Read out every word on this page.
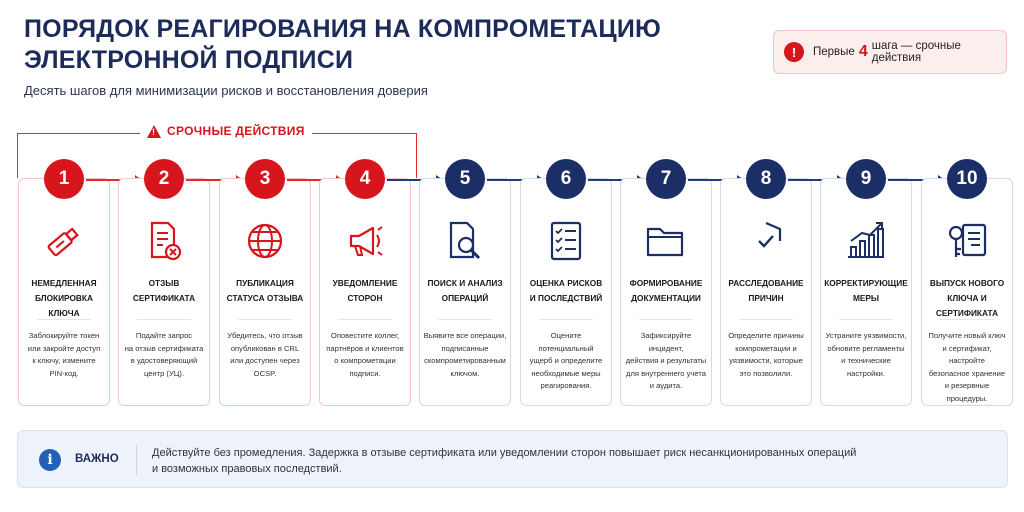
ПОРЯДОК РЕАГИРОВАНИЯ НА КОМПРОМЕТАЦИЮ
ЭЛЕКТРОННОЙ ПОДПИСИ
Десять шагов для минимизации рисков и восстановления доверия
!	Первые 4 шага — срочные действия
!
СРОЧНЫЕ ДЕЙСТВИЯ
НЕМЕДЛЕННАЯ
БЛОКИРОВКА КЛЮЧА
Заблокируйте токен
или закройте доступ
к ключу, измените
PIN-код.
1
ОТЗЫВ
СЕРТИФИКАТА
Подайте запрос
на отзыв сертификата
в удостоверяющий
центр (УЦ).
2
ПУБЛИКАЦИЯ
СТАТУСА ОТЗЫВА
Убедитесь, что отзыв
опубликован в CRL
или доступен через
OCSP.
3
УВЕДОМЛЕНИЕ
СТОРОН
Оповестите коллег,
партнёров и клиентов
о компрометации
подписи.
4
ПОИСК И АНАЛИЗ
ОПЕРАЦИЙ
Выявите все операции,
подписанные
скомпрометированным
ключом.
5
ОЦЕНКА РИСКОВ
И ПОСЛЕДСТВИЙ
Оцените потенциальный
ущерб и определите
необходимые меры
реагирования.
6
ФОРМИРОВАНИЕ
ДОКУМЕНТАЦИИ
Зафиксируйте инцидент,
действия и результаты
для внутреннего учета
и аудита.
7
РАССЛЕДОВАНИЕ
ПРИЧИН
Определите причины
компрометации и
уязвимости, которые
это позволили.
8
КОРРЕКТИРУЮЩИЕ
МЕРЫ
Устраните уязвимости,
обновите регламенты
и технические
настройки.
9
ВЫПУСК НОВОГО
КЛЮЧА И СЕРТИФИКАТА
Получите новый ключ
и сертификат, настройте
безопасное хранение
и резервные процедуры.
10
i	ВАЖНО	Действуйте без промедления. Задержка в отзыве сертификата или уведомлении сторон повышает риск несанкционированных операций
и возможных правовых последствий.
